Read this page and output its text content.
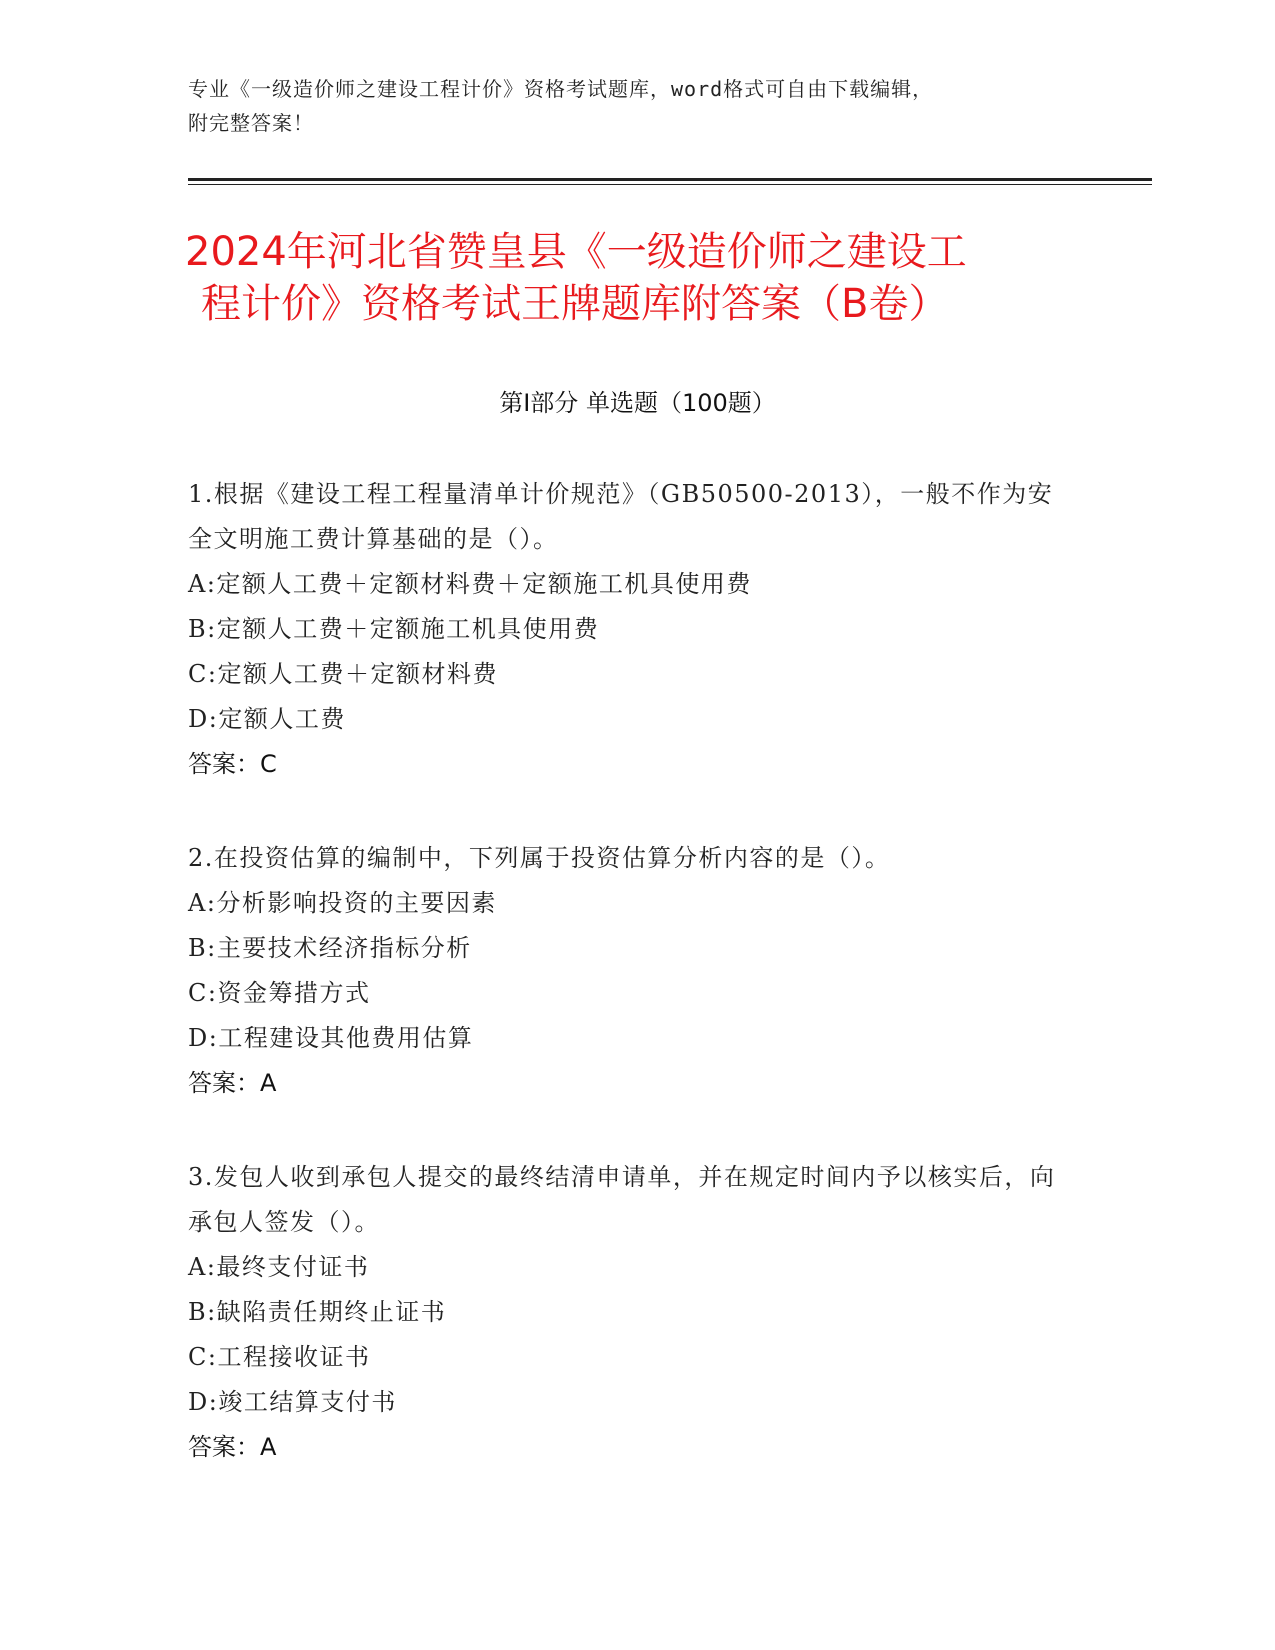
专业《一级造价师之建设工程计价》资格考试题库，word格式可自由下载编辑，
附完整答案！
2024年河北省赞皇县《一级造价师之建设工
程计价》资格考试王牌题库附答案（B卷）
第Ⅰ部分 单选题（100题）
1.根据《建设工程工程量清单计价规范》（GB50500-2013），一般不作为安全文明施工费计算基础的是（）。
A:定额人工费＋定额材料费＋定额施工机具使用费
B:定额人工费＋定额施工机具使用费
C:定额人工费＋定额材料费
D:定额人工费
答案：C
2.在投资估算的编制中，下列属于投资估算分析内容的是（）。
A:分析影响投资的主要因素
B:主要技术经济指标分析
C:资金筹措方式
D:工程建设其他费用估算
答案：A
3.发包人收到承包人提交的最终结清申请单，并在规定时间内予以核实后，向承包人签发（）。
A:最终支付证书
B:缺陷责任期终止证书
C:工程接收证书
D:竣工结算支付书
答案：A
